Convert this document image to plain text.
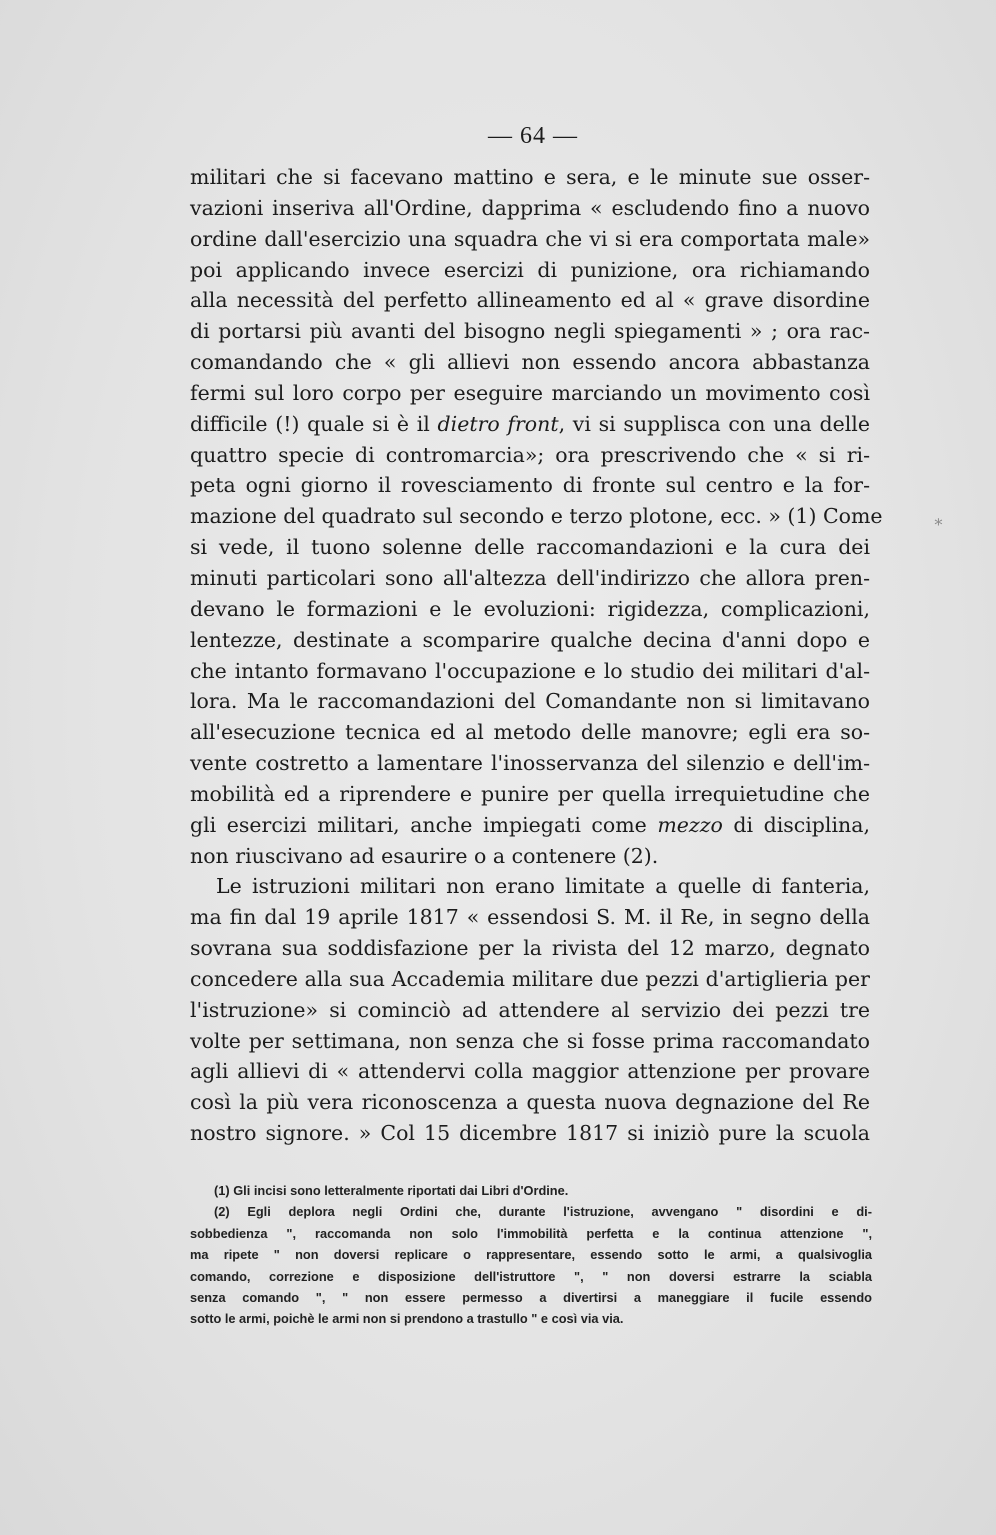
— 64 —
militari che si facevano mattino e sera, e le minute sue osser-
vazioni inseriva all'Ordine, dapprima « escludendo fino a nuovo
ordine dall'esercizio una squadra che vi si era comportata male»
poi applicando invece esercizi di punizione, ora richiamando
alla necessità del perfetto allineamento ed al « grave disordine
di portarsi più avanti del bisogno negli spiegamenti » ; ora rac-
comandando che « gli allievi non essendo ancora abbastanza
fermi sul loro corpo per eseguire marciando un movimento così
difficile (!) quale si è il dietro front, vi si supplisca con una delle
quattro specie di contromarcia»; ora prescrivendo che « si ri-
peta ogni giorno il rovesciamento di fronte sul centro e la for-
mazione del quadrato sul secondo e terzo plotone, ecc. » (1) Come
si vede, il tuono solenne delle raccomandazioni e la cura dei
minuti particolari sono all'altezza dell'indirizzo che allora pren-
devano le formazioni e le evoluzioni: rigidezza, complicazioni,
lentezze, destinate a scomparire qualche decina d'anni dopo e
che intanto formavano l'occupazione e lo studio dei militari d'al-
lora. Ma le raccomandazioni del Comandante non si limitavano
all'esecuzione tecnica ed al metodo delle manovre; egli era so-
vente costretto a lamentare l'inosservanza del silenzio e dell'im-
mobilità ed a riprendere e punire per quella irrequietudine che
gli esercizi militari, anche impiegati come mezzo di disciplina,
non riuscivano ad esaurire o a contenere (2).
Le istruzioni militari non erano limitate a quelle di fanteria,
ma fin dal 19 aprile 1817 « essendosi S. M. il Re, in segno della
sovrana sua soddisfazione per la rivista del 12 marzo, degnato
concedere alla sua Accademia militare due pezzi d'artiglieria per
l'istruzione» si cominciò ad attendere al servizio dei pezzi tre
volte per settimana, non senza che si fosse prima raccomandato
agli allievi di « attendervi colla maggior attenzione per provare
così la più vera riconoscenza a questa nuova degnazione del Re
nostro signore. » Col 15 dicembre 1817 si iniziò pure la scuola
(1) Gli incisi sono letteralmente riportati dai Libri d'Ordine.
(2) Egli deplora negli Ordini che, durante l'istruzione, avvengano " disordini e di-
sobbedienza ", raccomanda non solo l'immobilità perfetta e la continua attenzione ",
ma ripete " non doversi replicare o rappresentare, essendo sotto le armi, a qualsivoglia
comando, correzione e disposizione dell'istruttore ", " non doversi estrarre la sciabla
senza comando ", " non essere permesso a divertirsi a maneggiare il fucile essendo
sotto le armi, poichè le armi non si prendono a trastullo " e così via via.
∗
